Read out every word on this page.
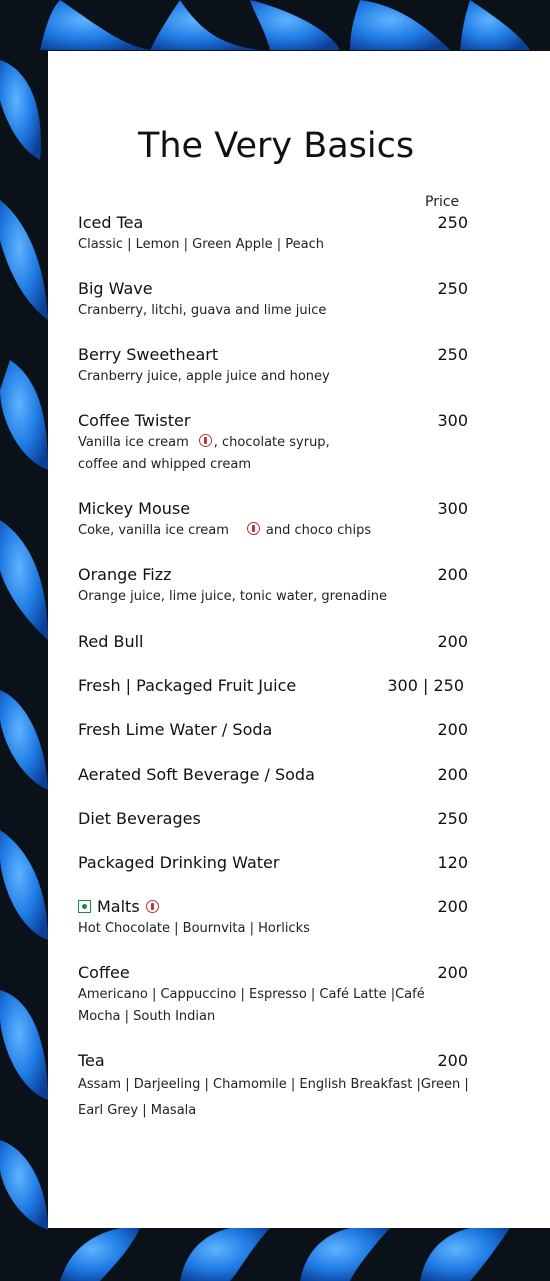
The Very Basics
Price
Iced Tea	250
Classic | Lemon | Green Apple | Peach
Big Wave	250
Cranberry, litchi, guava and lime juice
Berry Sweetheart	250
Cranberry juice, apple juice and honey
Coffee Twister	300
Vanilla ice cream , chocolate syrup,
coffee and whipped cream
Mickey Mouse	300
Coke, vanilla ice cream	and choco chips
Orange Fizz	200
Orange juice, lime juice, tonic water, grenadine
Red Bull	200
Fresh | Packaged Fruit Juice	300 | 250
Fresh Lime Water / Soda	200
Aerated Soft Beverage / Soda	200
Diet Beverages	250
Packaged Drinking Water	120
Malts	200
Hot Chocolate | Bournvita | Horlicks
Coffee	200
Americano | Cappuccino | Espresso | Café Latte |Café
Mocha | South Indian
Tea	200
Assam | Darjeeling | Chamomile | English Breakfast |Green |
Earl Grey | Masala
